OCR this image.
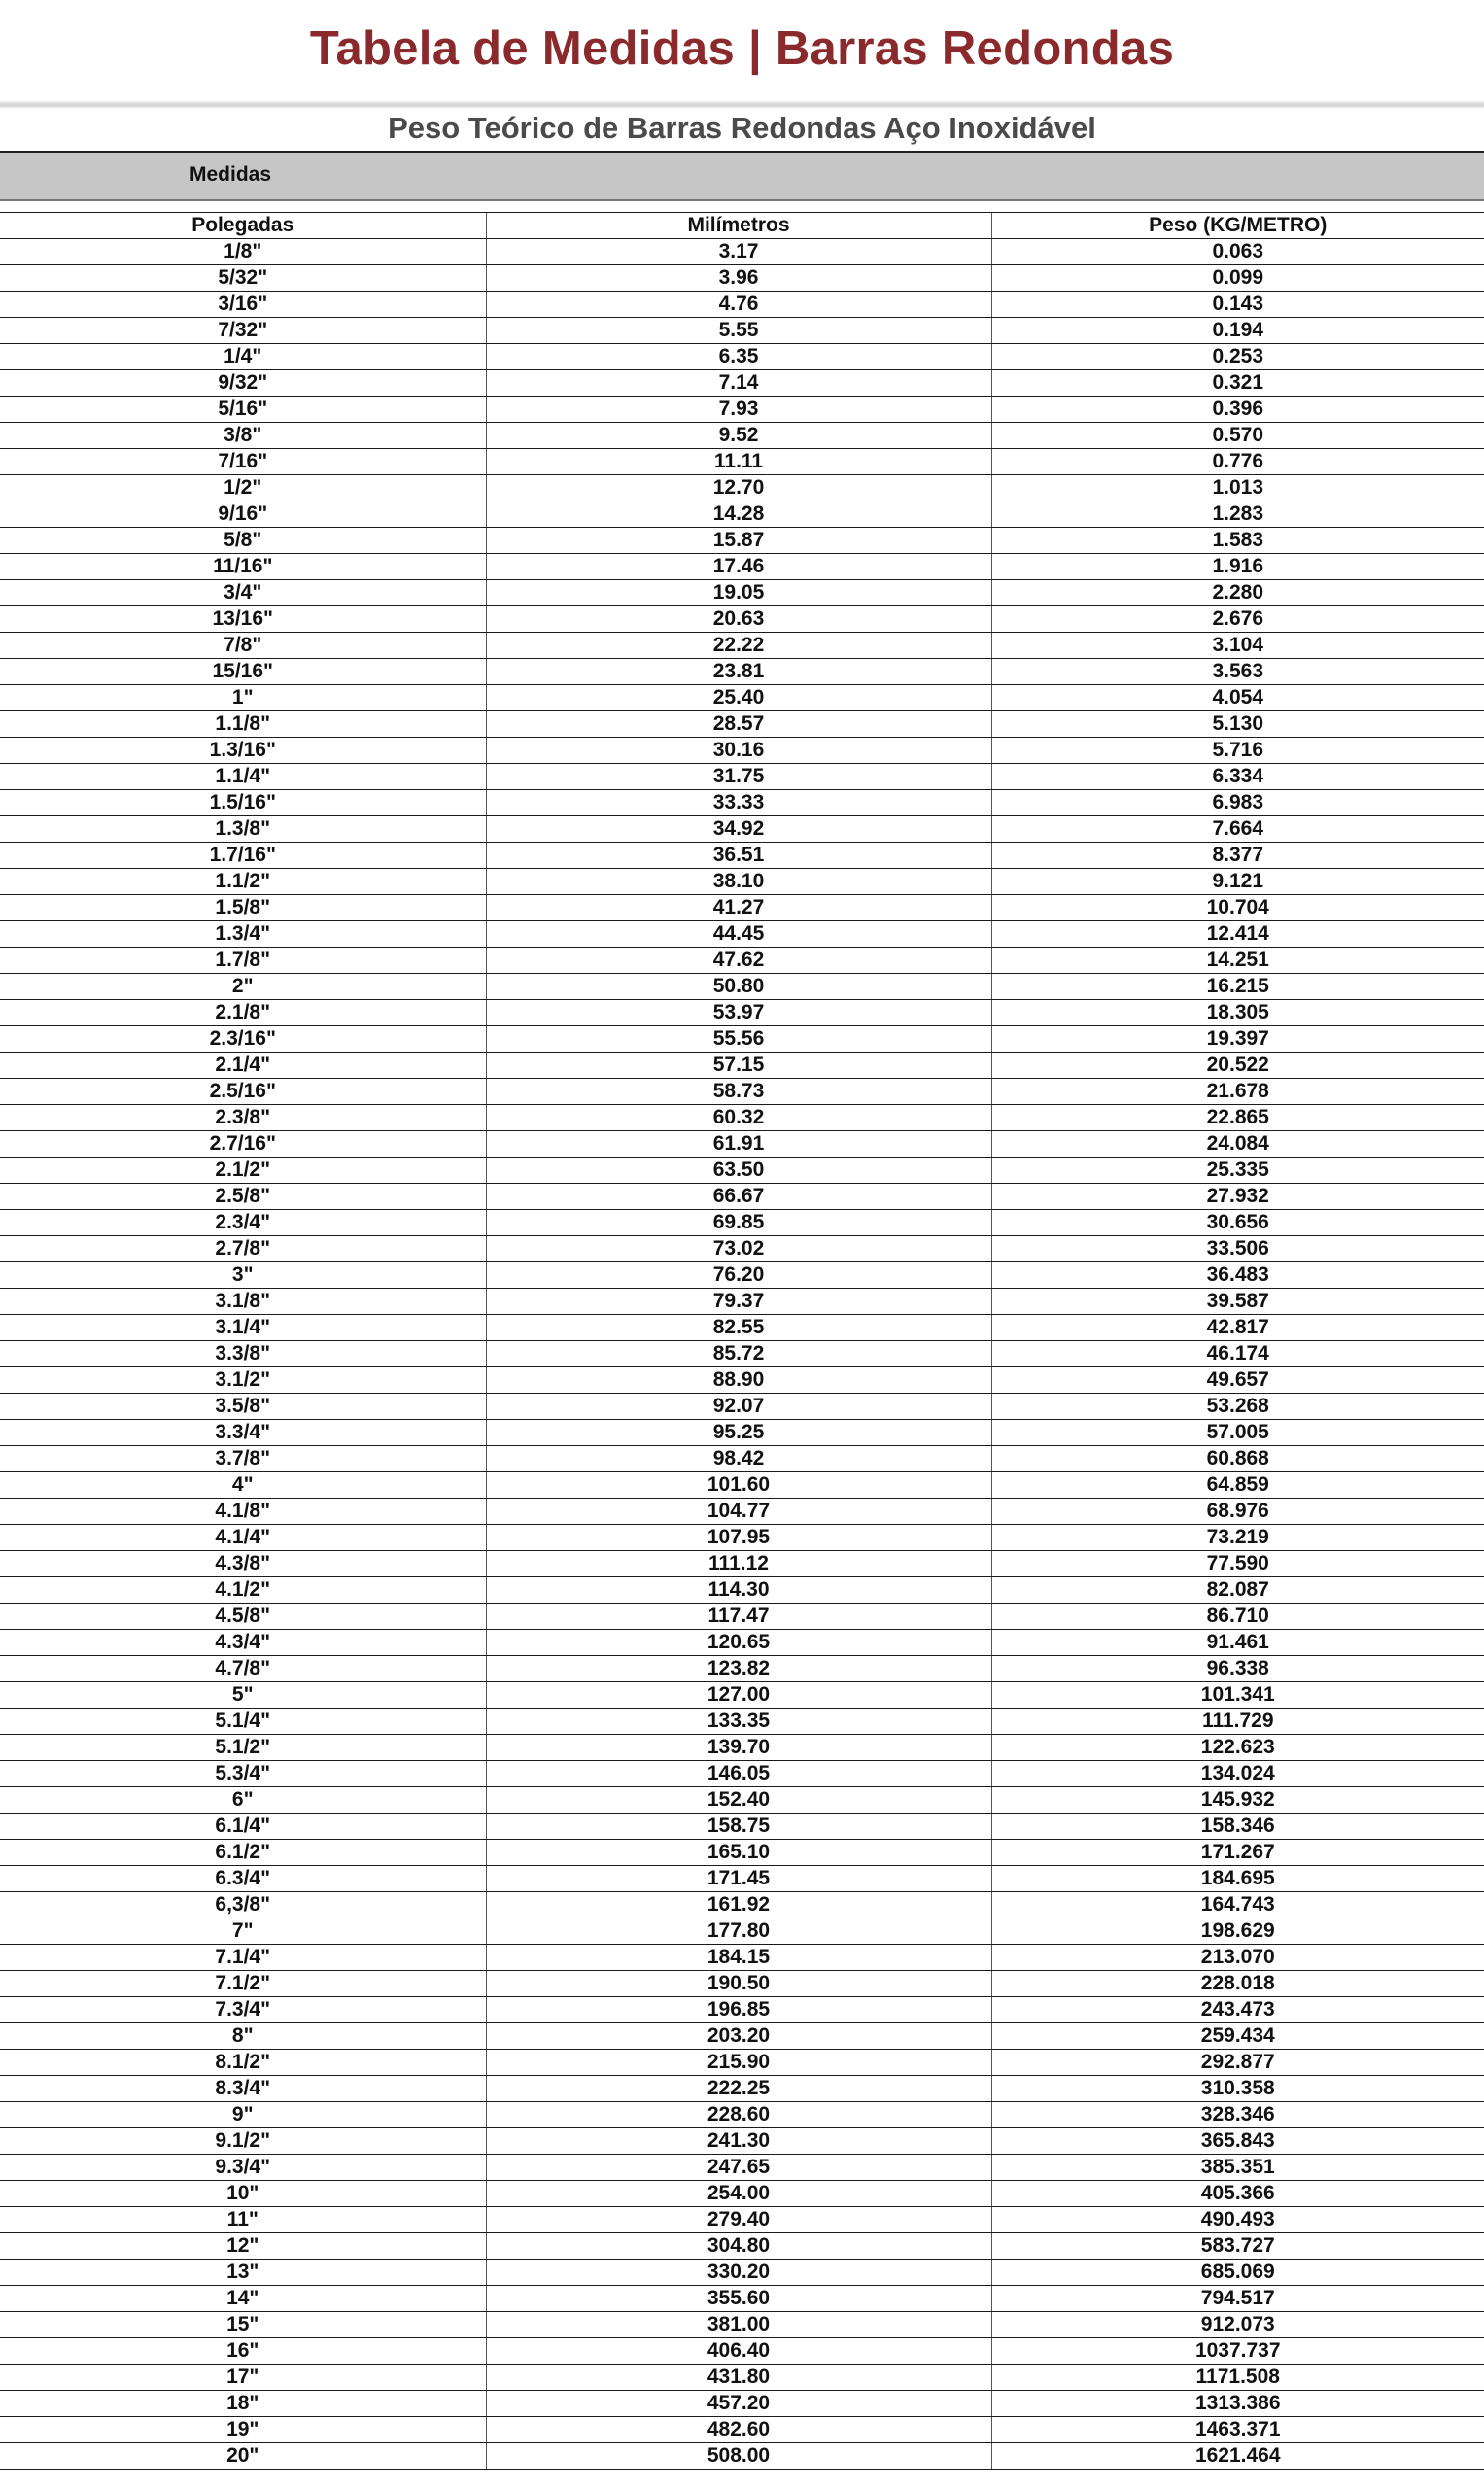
Tabela de Medidas | Barras Redondas
Peso Teórico de Barras Redondas Aço Inoxidável
Medidas
Polegadas	Milímetros	Peso (KG/METRO)
1/8"	3.17	0.063
5/32"	3.96	0.099
3/16"	4.76	0.143
7/32"	5.55	0.194
1/4"	6.35	0.253
9/32"	7.14	0.321
5/16"	7.93	0.396
3/8"	9.52	0.570
7/16"	11.11	0.776
1/2"	12.70	1.013
9/16"	14.28	1.283
5/8"	15.87	1.583
11/16"	17.46	1.916
3/4"	19.05	2.280
13/16"	20.63	2.676
7/8"	22.22	3.104
15/16"	23.81	3.563
1"	25.40	4.054
1.1/8"	28.57	5.130
1.3/16"	30.16	5.716
1.1/4"	31.75	6.334
1.5/16"	33.33	6.983
1.3/8"	34.92	7.664
1.7/16"	36.51	8.377
1.1/2"	38.10	9.121
1.5/8"	41.27	10.704
1.3/4"	44.45	12.414
1.7/8"	47.62	14.251
2"	50.80	16.215
2.1/8"	53.97	18.305
2.3/16"	55.56	19.397
2.1/4"	57.15	20.522
2.5/16"	58.73	21.678
2.3/8"	60.32	22.865
2.7/16"	61.91	24.084
2.1/2"	63.50	25.335
2.5/8"	66.67	27.932
2.3/4"	69.85	30.656
2.7/8"	73.02	33.506
3"	76.20	36.483
3.1/8"	79.37	39.587
3.1/4"	82.55	42.817
3.3/8"	85.72	46.174
3.1/2"	88.90	49.657
3.5/8"	92.07	53.268
3.3/4"	95.25	57.005
3.7/8"	98.42	60.868
4"	101.60	64.859
4.1/8"	104.77	68.976
4.1/4"	107.95	73.219
4.3/8"	111.12	77.590
4.1/2"	114.30	82.087
4.5/8"	117.47	86.710
4.3/4"	120.65	91.461
4.7/8"	123.82	96.338
5"	127.00	101.341
5.1/4"	133.35	111.729
5.1/2"	139.70	122.623
5.3/4"	146.05	134.024
6"	152.40	145.932
6.1/4"	158.75	158.346
6.1/2"	165.10	171.267
6.3/4"	171.45	184.695
6,3/8"	161.92	164.743
7"	177.80	198.629
7.1/4"	184.15	213.070
7.1/2"	190.50	228.018
7.3/4"	196.85	243.473
8"	203.20	259.434
8.1/2"	215.90	292.877
8.3/4"	222.25	310.358
9"	228.60	328.346
9.1/2"	241.30	365.843
9.3/4"	247.65	385.351
10"	254.00	405.366
11"	279.40	490.493
12"	304.80	583.727
13"	330.20	685.069
14"	355.60	794.517
15"	381.00	912.073
16"	406.40	1037.737
17"	431.80	1171.508
18"	457.20	1313.386
19"	482.60	1463.371
20"	508.00	1621.464
